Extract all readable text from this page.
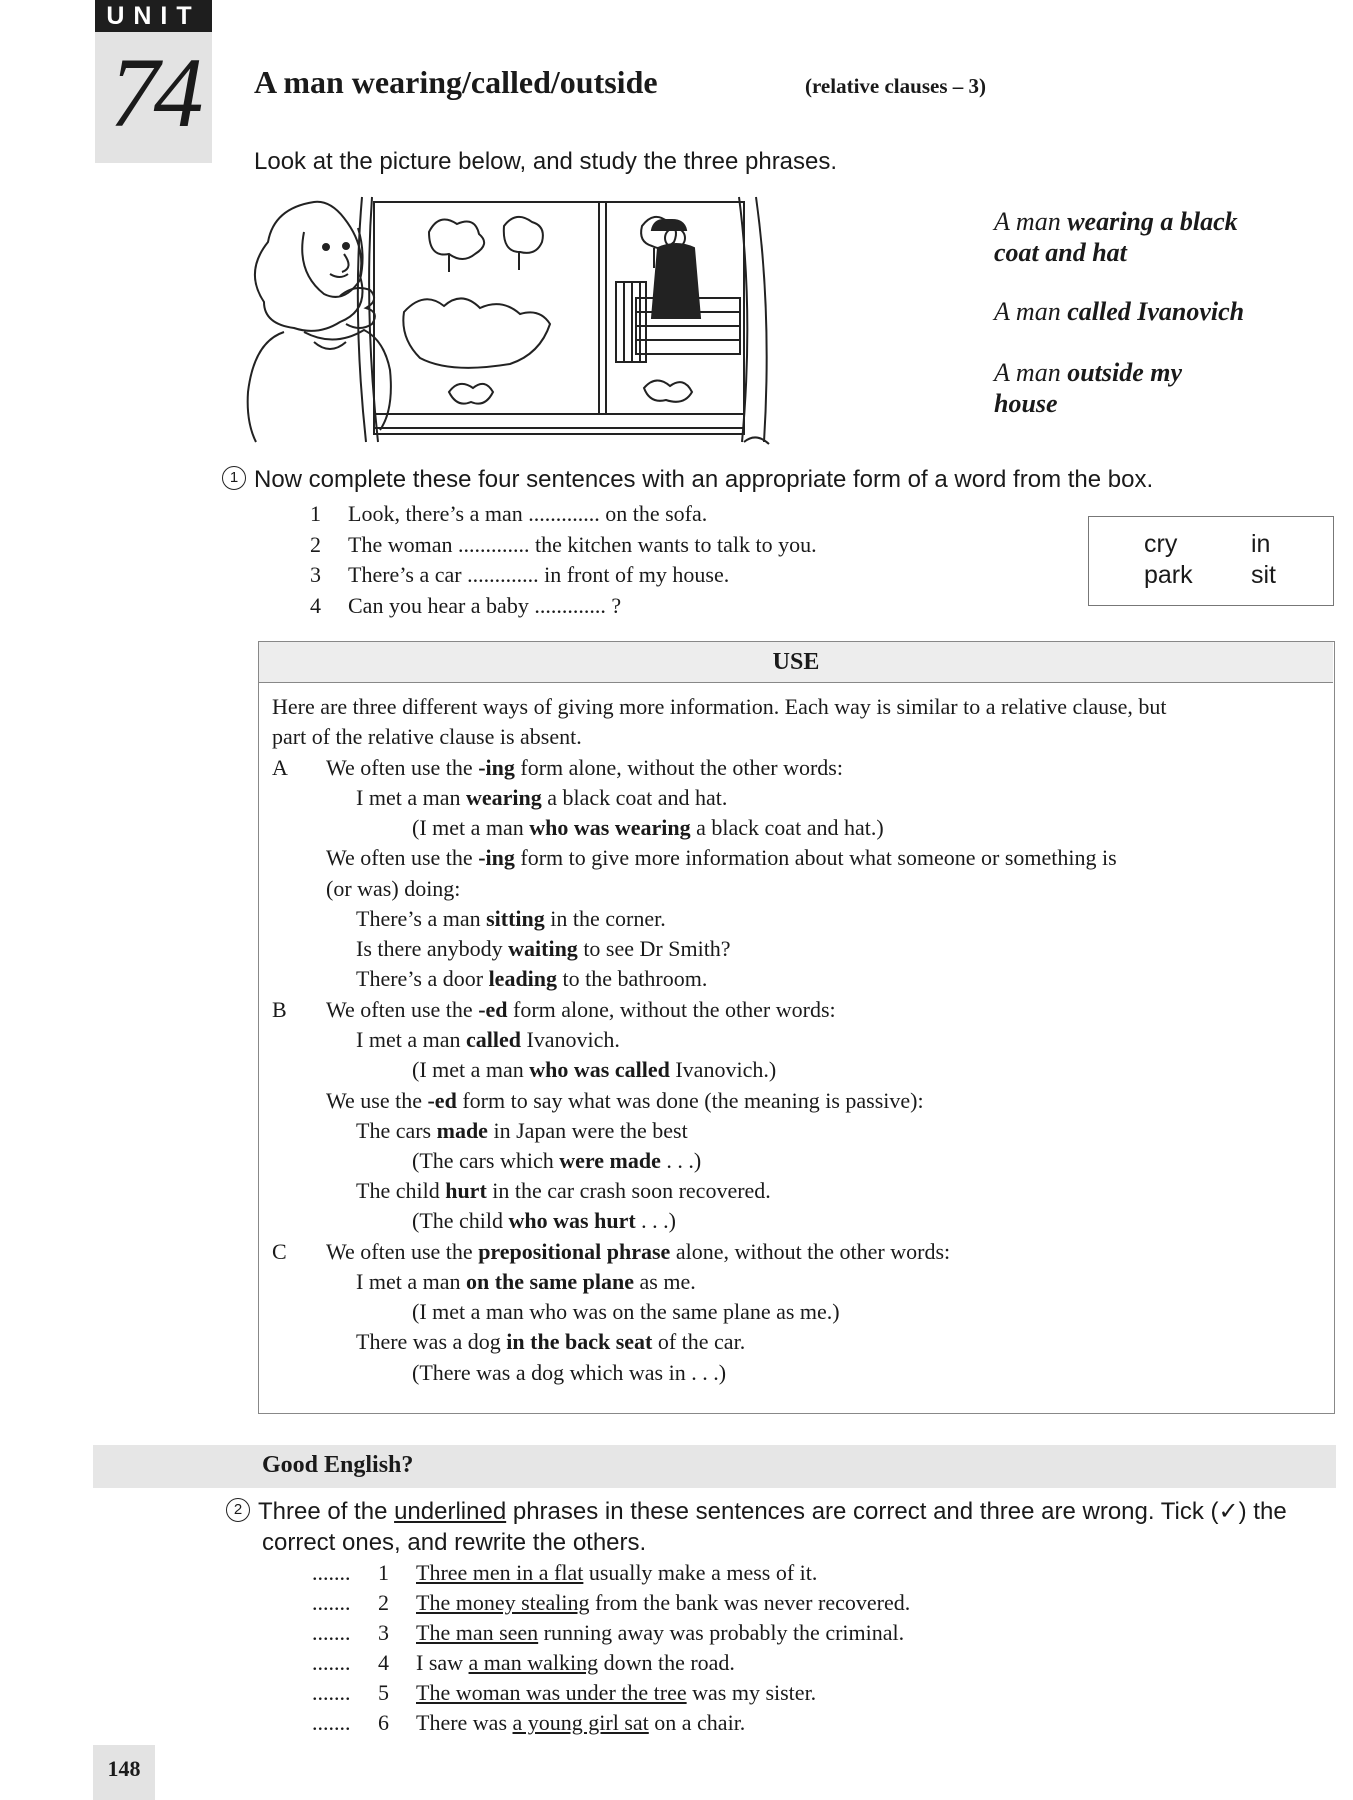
UNIT
74	A man wearing/called/outside	(relative clauses – 3)
Look at the picture below, and study the three phrases.
A man wearing a black
coat and hat
A man called Ivanovich
A man outside my
house
1 Now complete these four sentences with an appropriate form of a word from the box.
1 Look, there’s a man ............. on the sofa.
2 The woman ............. the kitchen wants to talk to you.
3 There’s a car ............. in front of my house.
4 Can you hear a baby ............. ?
cry	in
park sit
USE
Here are three different ways of giving more information. Each way is similar to a relative clause, but
part of the relative clause is absent.
A We often use the -ing form alone, without the other words:
I met a man wearing a black coat and hat.
(I met a man who was wearing a black coat and hat.)
We often use the -ing form to give more information about what someone or something is
(or was) doing:
There’s a man sitting in the corner.
Is there anybody waiting to see Dr Smith?
There’s a door leading to the bathroom.
B We often use the -ed form alone, without the other words:
I met a man called Ivanovich.
(I met a man who was called Ivanovich.)
We use the -ed form to say what was done (the meaning is passive):
The cars made in Japan were the best
(The cars which were made . . .)
The child hurt in the car crash soon recovered.
(The child who was hurt . . .)
C We often use the prepositional phrase alone, without the other words:
I met a man on the same plane as me.
(I met a man who was on the same plane as me.)
There was a dog in the back seat of the car.
(There was a dog which was in . . .)
Good English?
2 Three of the underlined phrases in these sentences are correct and three are wrong. Tick (✓) the
correct ones, and rewrite the others.
....... 1 Three men in a flat usually make a mess of it.
....... 2 The money stealing from the bank was never recovered.
....... 3 The man seen running away was probably the criminal.
....... 4 I saw a man walking down the road.
....... 5 The woman was under the tree was my sister.
....... 6 There was a young girl sat on a chair.
148
